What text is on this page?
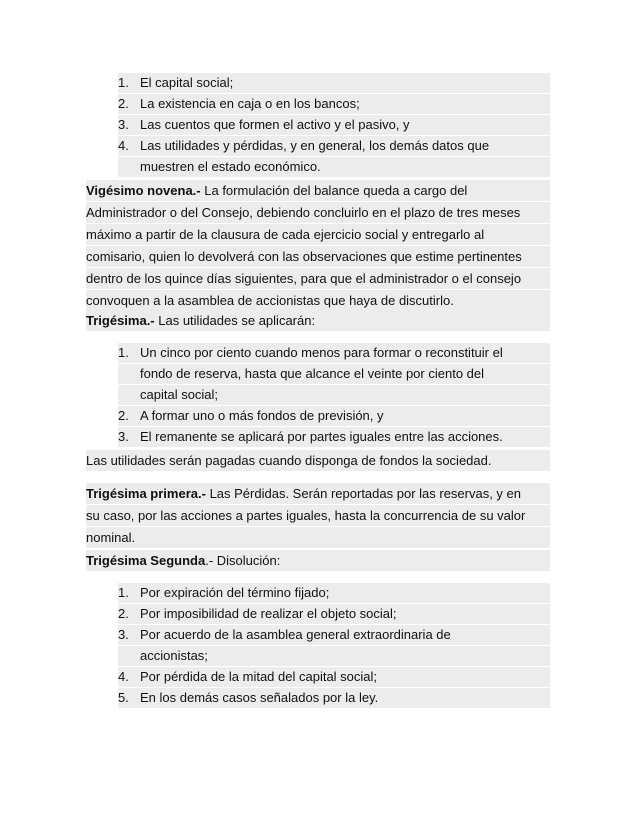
1. El capital social;
2. La existencia en caja o en los bancos;
3. Las cuentos que formen el activo y el pasivo, y
4. Las utilidades y pérdidas, y en general, los demás datos que
muestren el estado económico.
Vigésimo novena.- La formulación del balance queda a cargo del
Administrador o del Consejo, debiendo concluirlo en el plazo de tres meses
máximo a partir de la clausura de cada ejercicio social y entregarlo al
comisario, quien lo devolverá con las observaciones que estime pertinentes
dentro de los quince días siguientes, para que el administrador o el consejo
convoquen a la asamblea de accionistas que haya de discutirlo.
Trigésima.- Las utilidades se aplicarán:
1. Un cinco por ciento cuando menos para formar o reconstituir el
fondo de reserva, hasta que alcance el veinte por ciento del
capital social;
2. A formar uno o más fondos de previsión, y
3. El remanente se aplicará por partes iguales entre las acciones.
Las utilidades serán pagadas cuando disponga de fondos la sociedad.
Trigésima primera.- Las Pérdidas. Serán reportadas por las reservas, y en
su caso, por las acciones a partes iguales, hasta la concurrencia de su valor
nominal.
Trigésima Segunda.- Disolución:
1. Por expiración del término fijado;
2. Por imposibilidad de realizar el objeto social;
3. Por acuerdo de la asamblea general extraordinaria de
accionistas;
4. Por pérdida de la mitad del capital social;
5. En los demás casos señalados por la ley.
